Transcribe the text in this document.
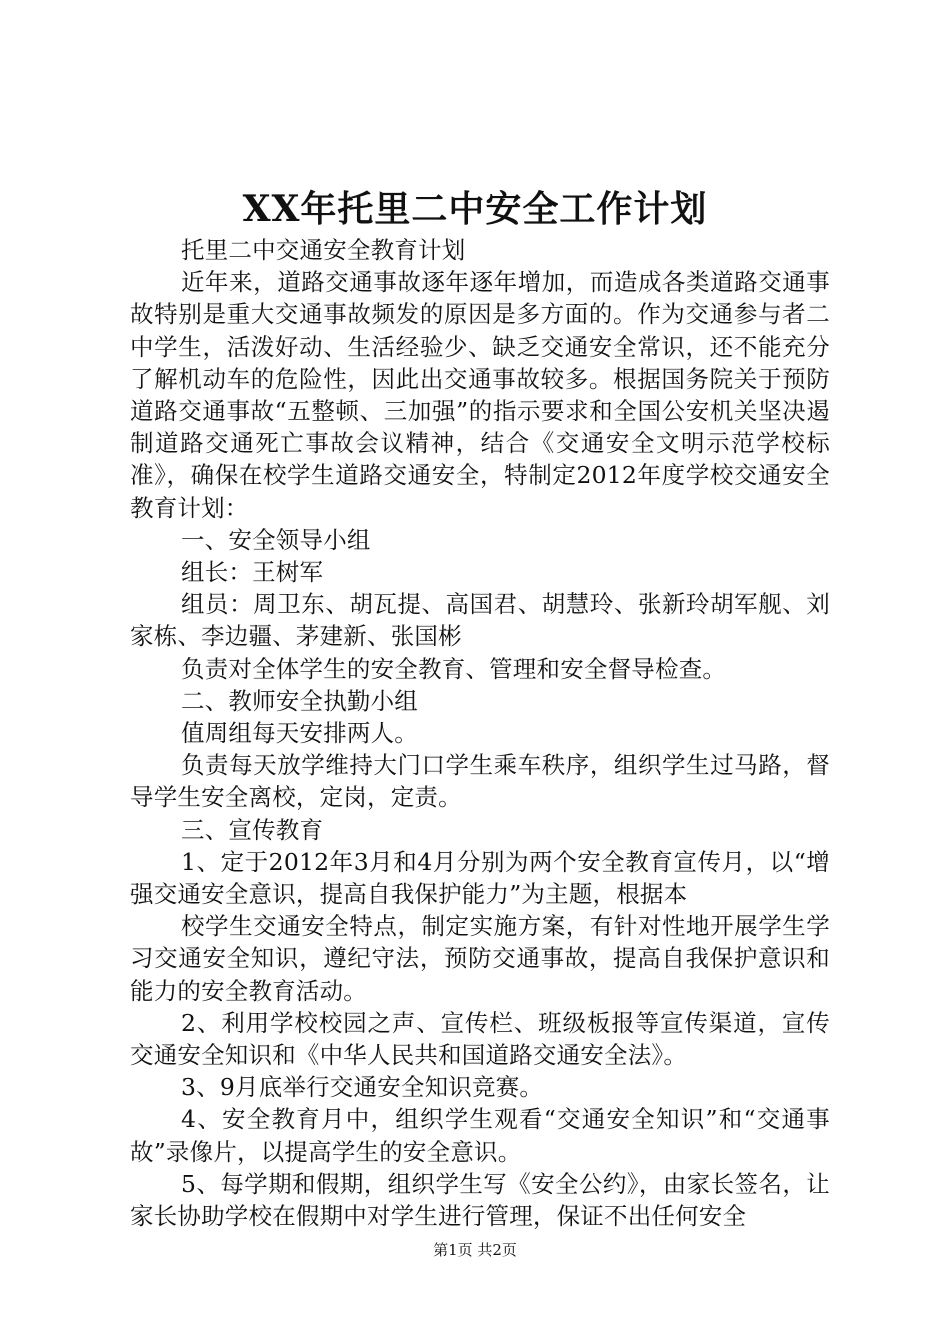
XX年托里二中安全工作计划

托里二中交通安全教育计划

近年来，道路交通事故逐年逐年增加，而造成各类道路交通事故特别是重大交通事故频发的原因是多方面的。作为交通参与者二中学生，活泼好动、生活经验少、缺乏交通安全常识，还不能充分了解机动车的危险性，因此出交通事故较多。根据国务院关于预防道路交通事故“五整顿、三加强”的指示要求和全国公安机关坚决遏制道路交通死亡事故会议精神，结合《交通安全文明示范学校标准》，确保在校学生道路交通安全，特制定2012年度学校交通安全教育计划：

一、安全领导小组

组长：王树军

组员：周卫东、胡瓦提、高国君、胡慧玲、张新玲胡军舰、刘家栋、李边疆、茅建新、张国彬

负责对全体学生的安全教育、管理和安全督导检查。

二、教师安全执勤小组

值周组每天安排两人。

负责每天放学维持大门口学生乘车秩序，组织学生过马路，督导学生安全离校，定岗，定责。

三、宣传教育

1、定于2012年3月和4月分别为两个安全教育宣传月，以“增强交通安全意识，提高自我保护能力”为主题，根据本

校学生交通安全特点，制定实施方案，有针对性地开展学生学习交通安全知识，遵纪守法，预防交通事故，提高自我保护意识和能力的安全教育活动。

2、利用学校校园之声、宣传栏、班级板报等宣传渠道，宣传交通安全知识和《中华人民共和国道路交通安全法》。

3、9月底举行交通安全知识竞赛。

4、安全教育月中，组织学生观看“交通安全知识”和“交通事故”录像片，以提高学生的安全意识。

5、每学期和假期，组织学生写《安全公约》，由家长签名，让家长协助学校在假期中对学生进行管理，保证不出任何安全

第1页 共2页
